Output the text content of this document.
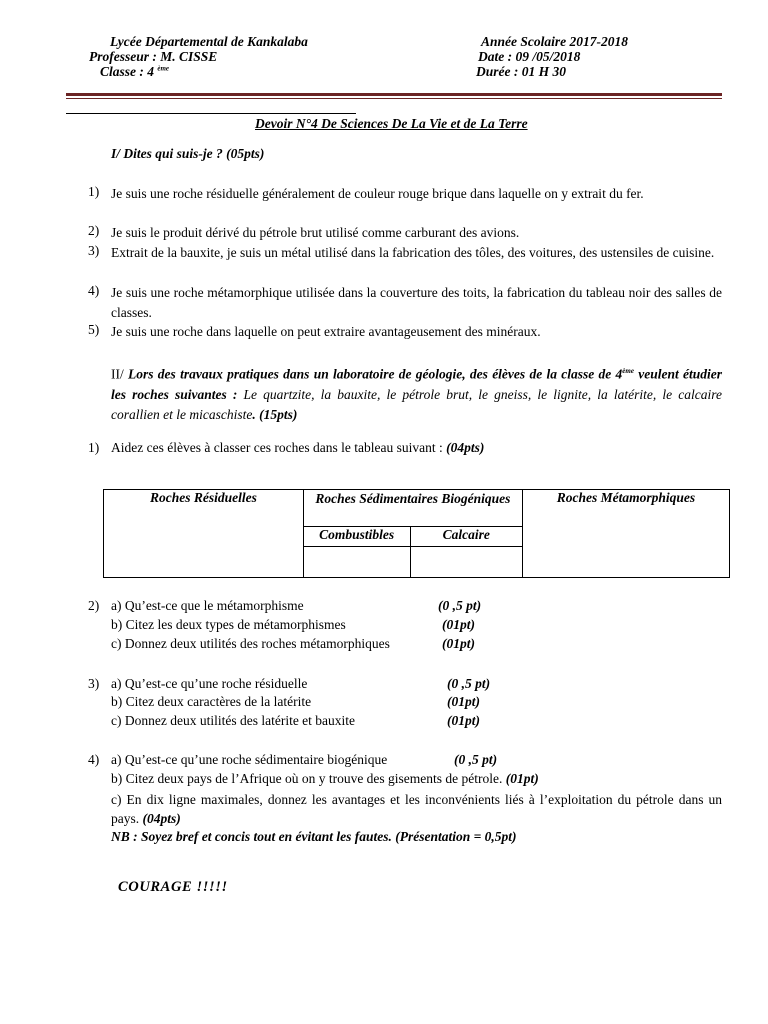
Lycée Départemental de Kankalaba
Professeur : M. CISSE
Classe : 4 $^{ème}$
Année Scolaire 2017-2018
Date : 09 /05/2018
Durée : 01 H 30
Devoir N°4 De Sciences De La Vie et de La Terre
I/ Dites qui suis-je ? (05pts)
1) Je suis une roche résiduelle généralement de couleur rouge brique dans laquelle on y extrait du fer.
2) Je suis le produit dérivé du pétrole brut utilisé comme carburant des avions.
3) Extrait de la bauxite, je suis un métal utilisé dans la fabrication des tôles, des voitures, des ustensiles de cuisine.
4) Je suis une roche métamorphique utilisée dans la couverture des toits, la fabrication du tableau noir des salles de classes.
5) Je suis une roche dans laquelle on peut extraire avantageusement des minéraux.
II/ Lors des travaux pratiques dans un laboratoire de géologie, des élèves de la classe de 4ème veulent étudier les roches suivantes : Le quartzite, la bauxite, le pétrole brut, le gneiss, le lignite, la latérite, le calcaire corallien et le micaschiste. (15pts)
1) Aidez ces élèves à classer ces roches dans le tableau suivant : (04pts)
Roches Résiduelles	Roches Sédimentaires Biogéniques		Roches Métamorphiques
	Combustibles	Calcaire	

2) a) Qu’est-ce que le métamorphisme	(0 ,5 pt)
b) Citez les deux types de métamorphismes	(01pt)
c) Donnez deux utilités des roches métamorphiques	(01pt)
3) a) Qu’est-ce qu’une roche résiduelle	(0 ,5 pt)
b) Citez deux caractères de la latérite	(01pt)
c) Donnez deux utilités des latérite et bauxite	(01pt)
4) a) Qu’est-ce qu’une roche sédimentaire biogénique	(0 ,5 pt)
b) Citez deux pays de l’Afrique où on y trouve des gisements de pétrole. (01pt)
c) En dix ligne maximales, donnez les avantages et les inconvénients liés à l’exploitation du pétrole dans un pays. (04pts)
NB : Soyez bref et concis tout en évitant les fautes. (Présentation = 0,5pt)
COURAGE !!!!!
